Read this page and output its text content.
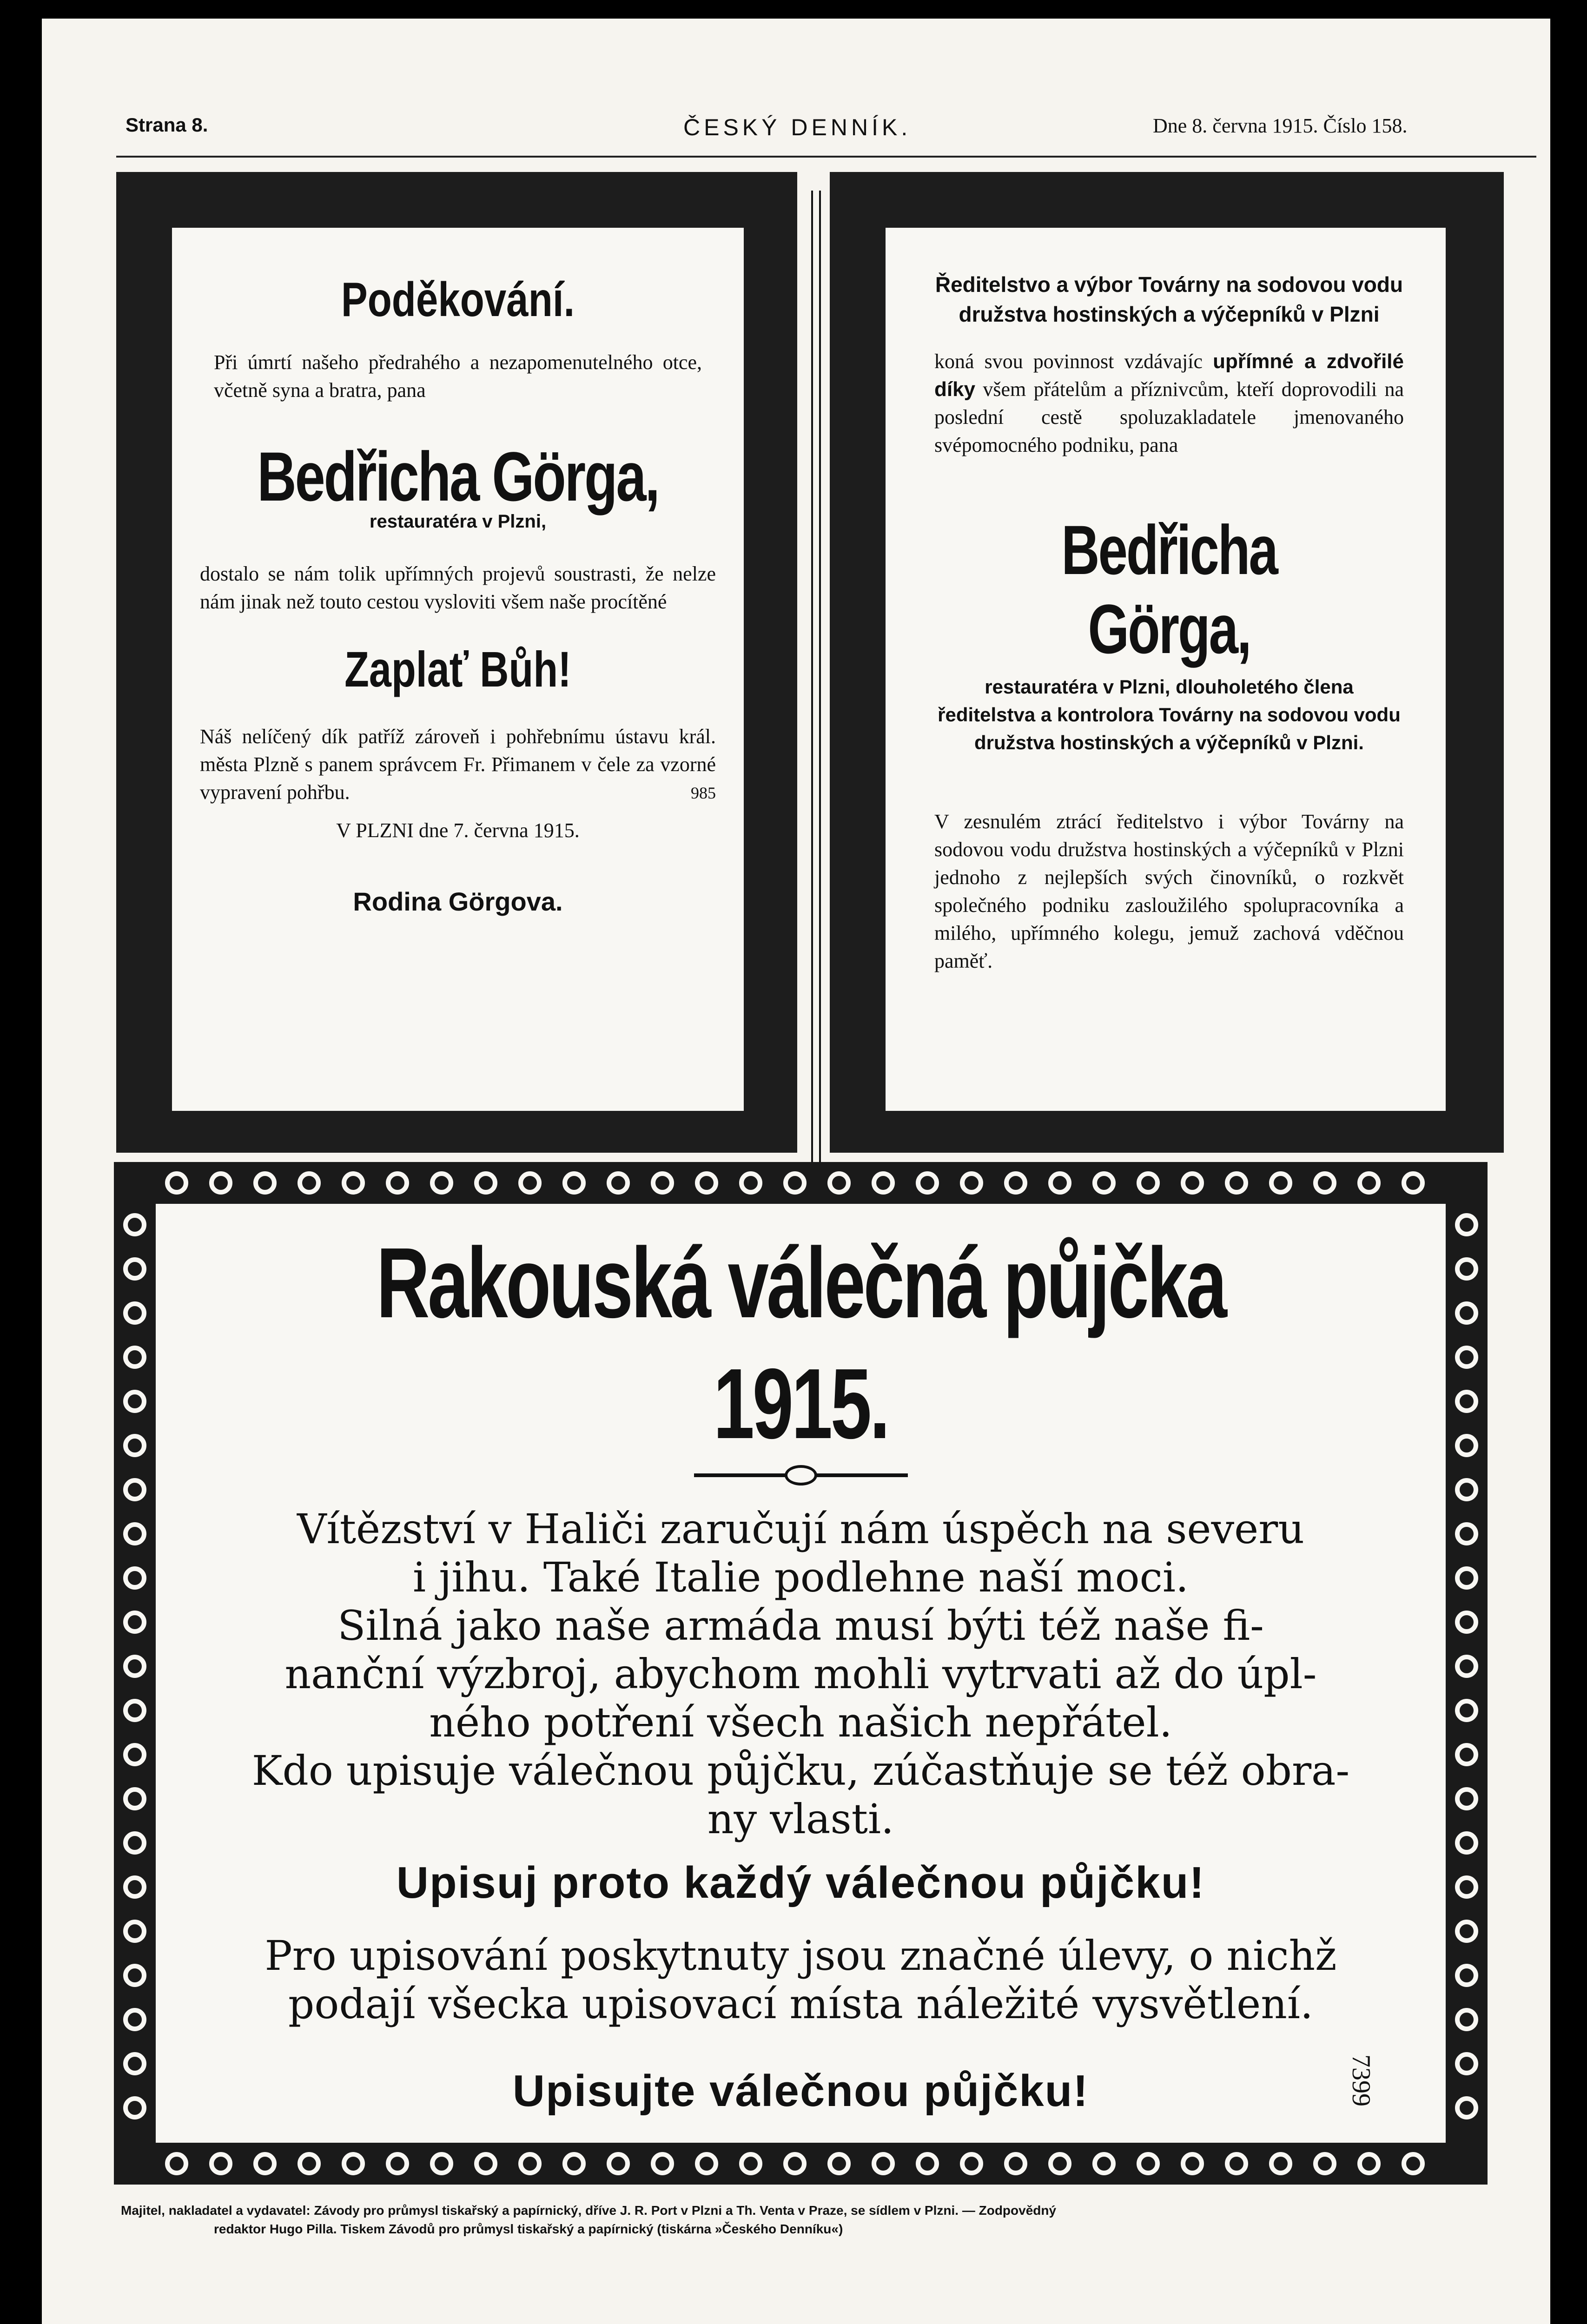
Strana 8.	ČESKÝ DENNÍK.	Dne 8. června 1915. Číslo 158.
Poděkování.
Při úmrtí našeho předrahého a nezapomenutelného otce, včetně syna a bratra, pana
Bedřicha Görga,
restauratéra v Plzni,
dostalo se nám tolik upřímných projevů soustrasti, že nelze nám jinak než touto cestou vysloviti všem naše procítěné
Zaplať Bůh!
Náš nelíčený dík patříž zároveň i pohřebnímu ústavu král. města Plzně s panem správcem Fr. Přimanem v čele za vzorné vypravení pohřbu.	985
V PLZNI dne 7. června 1915.
Rodina Görgova.
Ředitelstvo a výbor Továrny na sodovou vodu družstva hostinských a výčepníků v Plzni
koná svou povinnost vzdávajíc upřímné a zdvořilé díky všem přátelům a příznivcům, kteří doprovodili na poslední cestě spoluzakladatele jmenovaného svépomocného podniku, pana
Bedřicha Görga,
restauratéra v Plzni, dlouholetého člena ředitelstva a kontrolora Továrny na sodovou vodu družstva hostinských a výčepníků v Plzni.
V zesnulém ztrácí ředitelstvo i výbor Továrny na sodovou vodu družstva hostinských a výčepníků v Plzni jednoho z nejlepších svých činovníků, o rozkvět společného podniku zasloužilého spolupracovníka a milého, upřímného kolegu, jemuž zachová vděčnou paměť.
Rakouská válečná půjčka 1915.
Vítězství v Haliči zaručují nám úspěch na severu
i jihu. Také Italie podlehne naší moci.
Silná jako naše armáda musí býti též naše fi-
nanční výzbroj, abychom mohli vytrvati až do úpl-
ného potření všech našich nepřátel.
Kdo upisuje válečnou půjčku, zúčastňuje se též obra-
ny vlasti.
Upisuj proto každý válečnou půjčku!
Pro upisování poskytnuty jsou značné úlevy, o nichž
podají všecka upisovací místa náležité vysvětlení.
Upisujte válečnou půjčku!	7399
Majitel, nakladatel a vydavatel: Závody pro průmysl tiskařský a papírnický, dříve J. R. Port v Plzni a Th. Venta v Praze, se sídlem v Plzni. — Zodpovědný
redaktor Hugo Pilla. Tiskem Závodů pro průmysl tiskařský a papírnický (tiskárna »Českého Denníku«)
